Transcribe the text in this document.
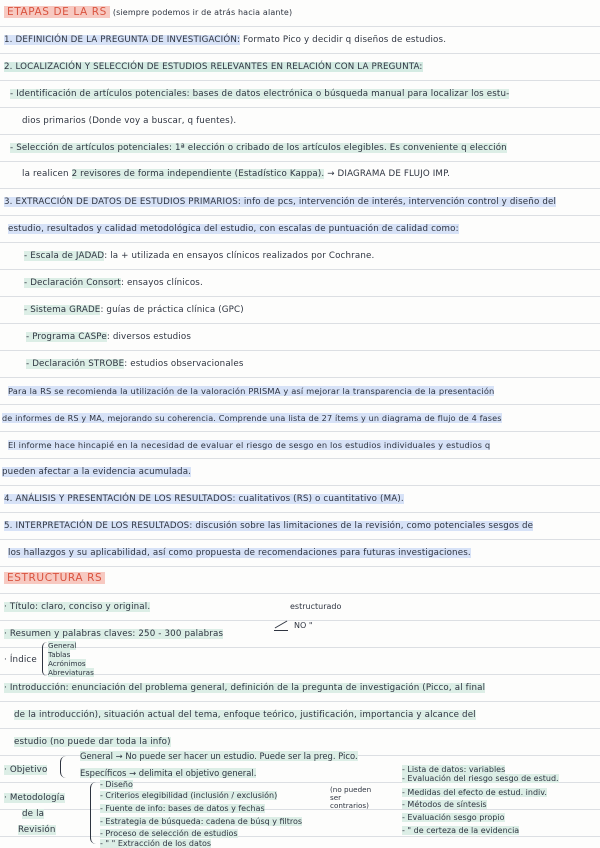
ETAPAS DE LA RS (siempre podemos ir de atrás hacia alante)
1. DEFINICIÓN DE LA PREGUNTA DE INVESTIGACIÓN: Formato Pico y decidir q diseños de estudios.
2. LOCALIZACIÓN Y SELECCIÓN DE ESTUDIOS RELEVANTES EN RELACIÓN CON LA PREGUNTA:
- Identificación de artículos potenciales: bases de datos electrónica o búsqueda manual para localizar los estu-
dios primarios (Donde voy a buscar, q fuentes).
- Selección de artículos potenciales: 1ª elección o cribado de los artículos elegibles. Es conveniente q elección
la realicen 2 revisores de forma independiente (Estadístico Kappa). → DIAGRAMA DE FLUJO IMP.
3. EXTRACCIÓN DE DATOS DE ESTUDIOS PRIMARIOS: info de pcs, intervención de interés, intervención control y diseño del
estudio, resultados y calidad metodológica del estudio, con escalas de puntuación de calidad como:
- Escala de JADAD: la + utilizada en ensayos clínicos realizados por Cochrane.
- Declaración Consort: ensayos clínicos.
- Sistema GRADE: guías de práctica clínica (GPC)
- Programa CASPe: diversos estudios
- Declaración STROBE: estudios observacionales
Para la RS se recomienda la utilización de la valoración PRISMA y así mejorar la transparencia de la presentación
de informes de RS y MA, mejorando su coherencia. Comprende una lista de 27 ítems y un diagrama de flujo de 4 fases
El informe hace hincapié en la necesidad de evaluar el riesgo de sesgo en los estudios individuales y estudios q
pueden afectar a la evidencia acumulada.
4. ANÁLISIS Y PRESENTACIÓN DE LOS RESULTADOS: cualitativos (RS) o cuantitativo (MA).
5. INTERPRETACIÓN DE LOS RESULTADOS: discusión sobre las limitaciones de la revisión, como potenciales sesgos de
los hallazgos y su aplicabilidad, así como propuesta de recomendaciones para futuras investigaciones.
ESTRUCTURA RS
· Título: claro, conciso y original.	estructurado
NO "
· Resumen y palabras claves: 250 - 300 palabras
· Índice
General
Tablas
Acrónimos
Abreviaturas
· Introducción: enunciación del problema general, definición de la pregunta de investigación (Picco, al final
de la introducción), situación actual del tema, enfoque teórico, justificación, importancia y alcance del
estudio (no puede dar toda la info)
· Objetivo
General → No puede ser hacer un estudio. Puede ser la preg. Pico.
Específicos → delimita el objetivo general.
· Metodología
de la
Revisión
- Diseño
- Criterios elegibilidad (inclusión / exclusión)
(no pueden ser contrarios)
- Fuente de info: bases de datos y fechas
- Estrategia de búsqueda: cadena de búsq y filtros
- Proceso de selección de estudios
- " " Extracción de los datos
- Lista de datos: variables
- Evaluación del riesgo sesgo de estud.
- Medidas del efecto de estud. indiv.
- Métodos de síntesis
- Evaluación sesgo propio
- " de certeza de la evidencia
